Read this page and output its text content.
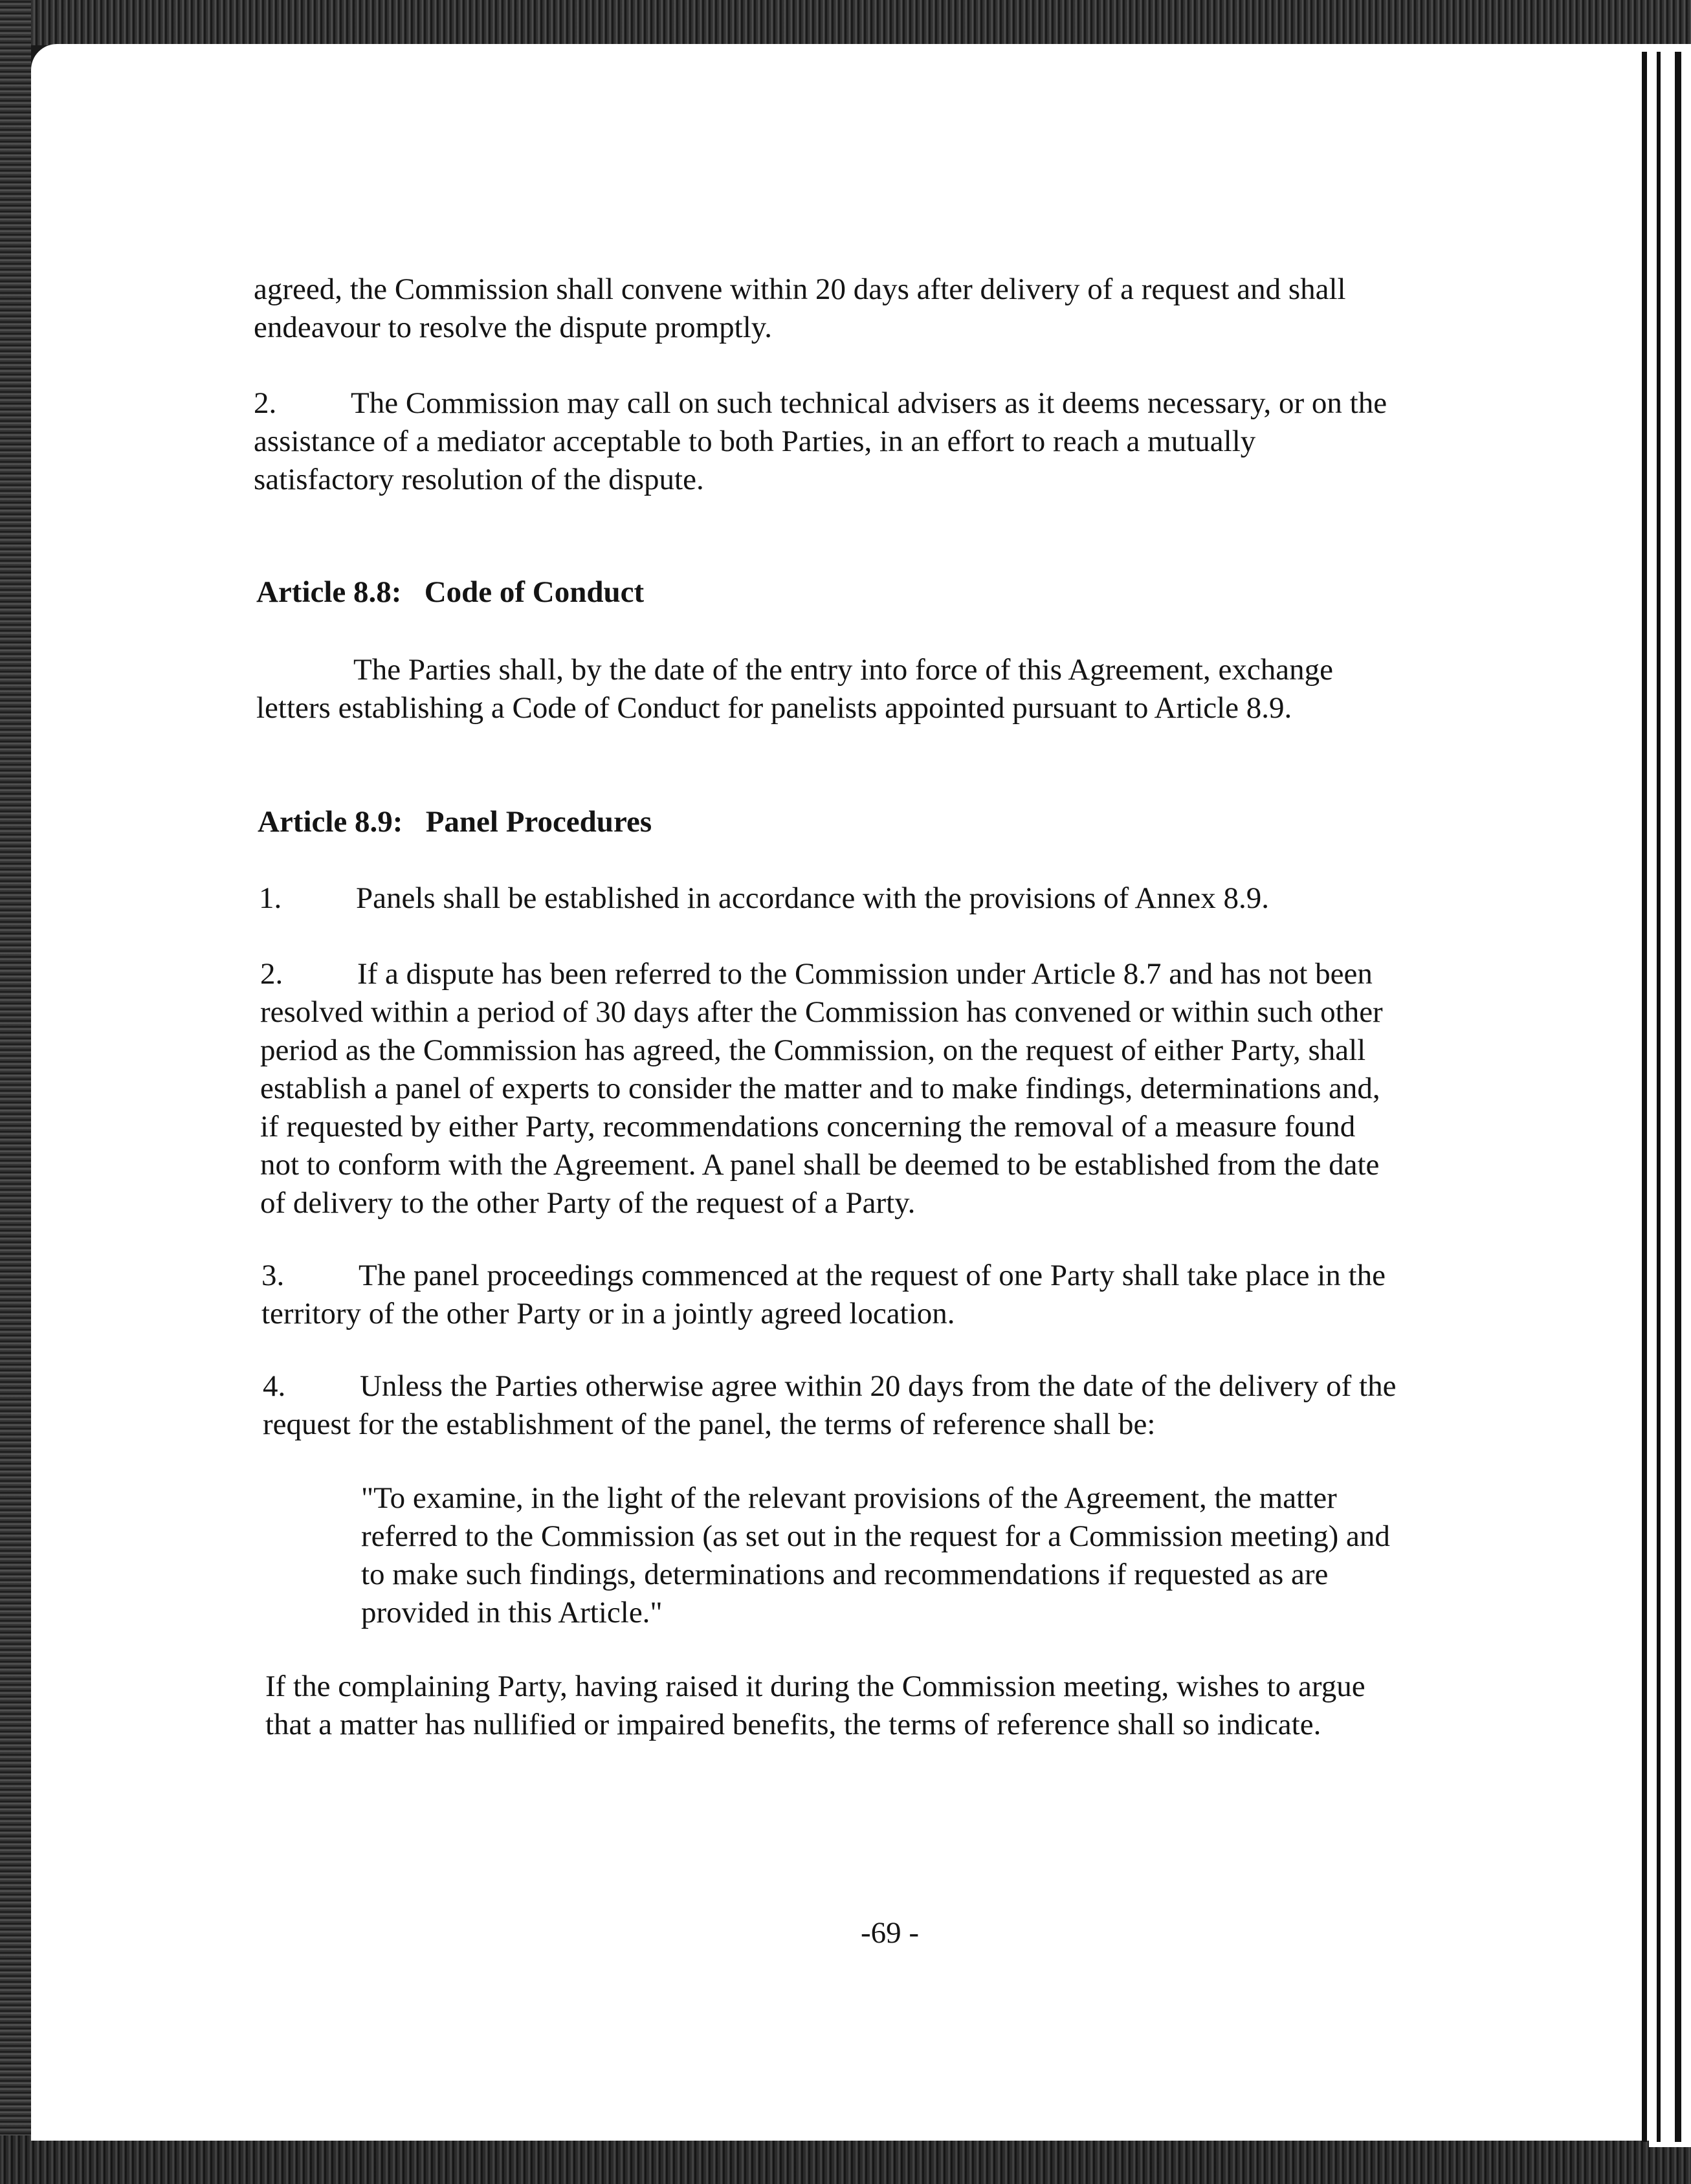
agreed, the Commission shall convene within 20 days after delivery of a request and shall

endeavour to resolve the dispute promptly.

2. The Commission may call on such technical advisers as it deems necessary, or on the

assistance of a mediator acceptable to both Parties, in an effort to reach a mutually

satisfactory resolution of the dispute.

Article 8.8: Code of Conduct

The Parties shall, by the date of the entry into force of this Agreement, exchange

letters establishing a Code of Conduct for panelists appointed pursuant to Article 8.9.

Article 8.9: Panel Procedures

1. Panels shall be established in accordance with the provisions of Annex 8.9.

2. If a dispute has been referred to the Commission under Article 8.7 and has not been

resolved within a period of 30 days after the Commission has convened or within such other

period as the Commission has agreed, the Commission, on the request of either Party, shall

establish a panel of experts to consider the matter and to make findings, determinations and,

if requested by either Party, recommendations concerning the removal of a measure found

not to conform with the Agreement. A panel shall be deemed to be established from the date

of delivery to the other Party of the request of a Party.

3. The panel proceedings commenced at the request of one Party shall take place in the

territory of the other Party or in a jointly agreed location.

4. Unless the Parties otherwise agree within 20 days from the date of the delivery of the

request for the establishment of the panel, the terms of reference shall be:

"To examine, in the light of the relevant provisions of the Agreement, the matter

referred to the Commission (as set out in the request for a Commission meeting) and

to make such findings, determinations and recommendations if requested as are

provided in this Article."

If the complaining Party, having raised it during the Commission meeting, wishes to argue

that a matter has nullified or impaired benefits, the terms of reference shall so indicate.

-69 -
